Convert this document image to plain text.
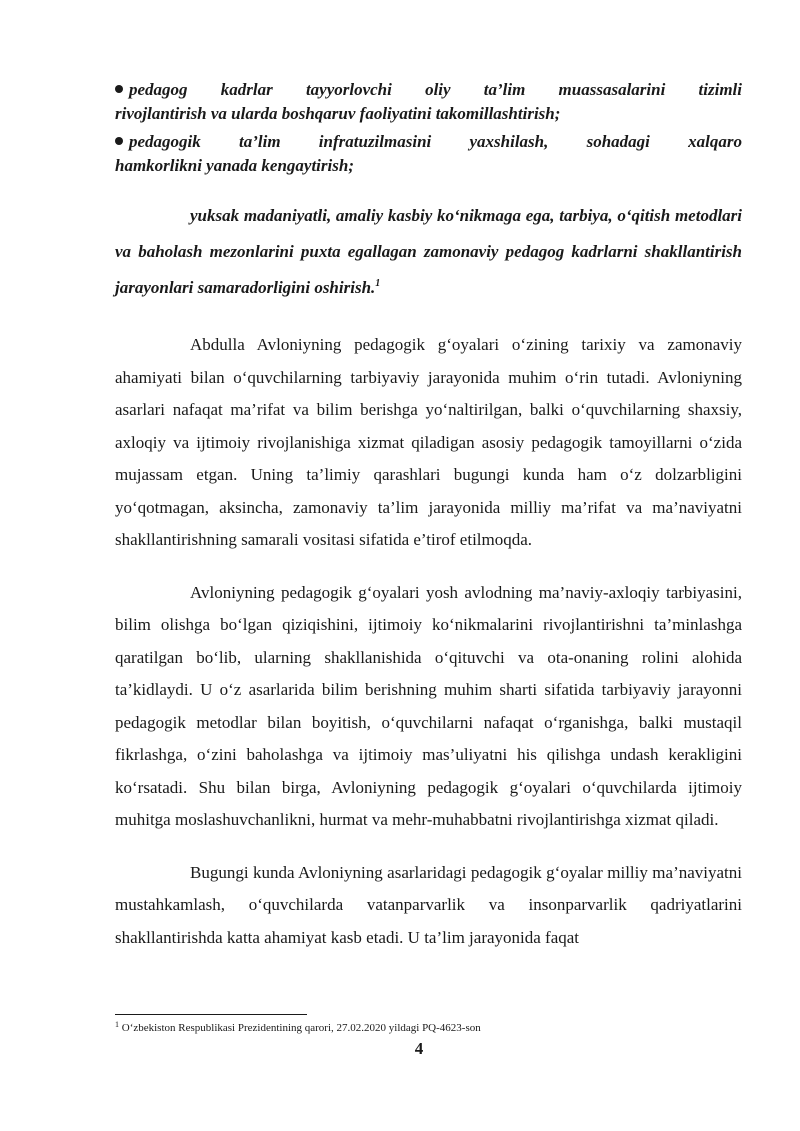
pedagog kadrlar tayyorlovchi oliy ta’lim muassasalarini tizimli
rivojlantirish va ularda boshqaruv faoliyatini takomillashtirish;

pedagogik ta’lim infratuzilmasini yaxshilash, sohadagi xalqaro
hamkorlikni yanada kengaytirish;

yuksak madaniyatli, amaliy kasbiy ko‘nikmaga ega, tarbiya, o‘qitish metodlari va baholash mezonlarini puxta egallagan zamonaviy pedagog kadrlarni shakllantirish jarayonlari samaradorligini oshirish.$^1$

Abdulla Avloniyning pedagogik g‘oyalari o‘zining tarixiy va zamonaviy ahamiyati bilan o‘quvchilarning tarbiyaviy jarayonida muhim o‘rin tutadi. Avloniyning asarlari nafaqat ma’rifat va bilim berishga yo‘naltirilgan, balki o‘quvchilarning shaxsiy, axloqiy va ijtimoiy rivojlanishiga xizmat qiladigan asosiy pedagogik tamoyillarni o‘zida mujassam etgan. Uning ta’limiy qarashlari bugungi kunda ham o‘z dolzarbligini yo‘qotmagan, aksincha, zamonaviy ta’lim jarayonida milliy ma’rifat va ma’naviyatni shakllantirishning samarali vositasi sifatida e’tirof etilmoqda.

Avloniyning pedagogik g‘oyalari yosh avlodning ma’naviy-axloqiy tarbiyasini, bilim olishga bo‘lgan qiziqishini, ijtimoiy ko‘nikmalarini rivojlantirishni ta’minlashga qaratilgan bo‘lib, ularning shakllanishida o‘qituvchi va ota-onaning rolini alohida ta’kidlaydi. U o‘z asarlarida bilim berishning muhim sharti sifatida tarbiyaviy jarayonni pedagogik metodlar bilan boyitish, o‘quvchilarni nafaqat o‘rganishga, balki mustaqil fikrlashga, o‘zini baholashga va ijtimoiy mas’uliyatni his qilishga undash kerakligini ko‘rsatadi. Shu bilan birga, Avloniyning pedagogik g‘oyalari o‘quvchilarda ijtimoiy muhitga moslashuvchanlikni, hurmat va mehr-muhabbatni rivojlantirishga xizmat qiladi.

Bugungi kunda Avloniyning asarlaridagi pedagogik g‘oyalar milliy ma’naviyatni mustahkamlash, o‘quvchilarda vatanparvarlik va insonparvarlik qadriyatlarini shakllantirishda katta ahamiyat kasb etadi. U ta’lim jarayonida faqat

$^1$ O‘zbekiston Respublikasi Prezidentining qarori, 27.02.2020 yildagi PQ-4623-son
4
